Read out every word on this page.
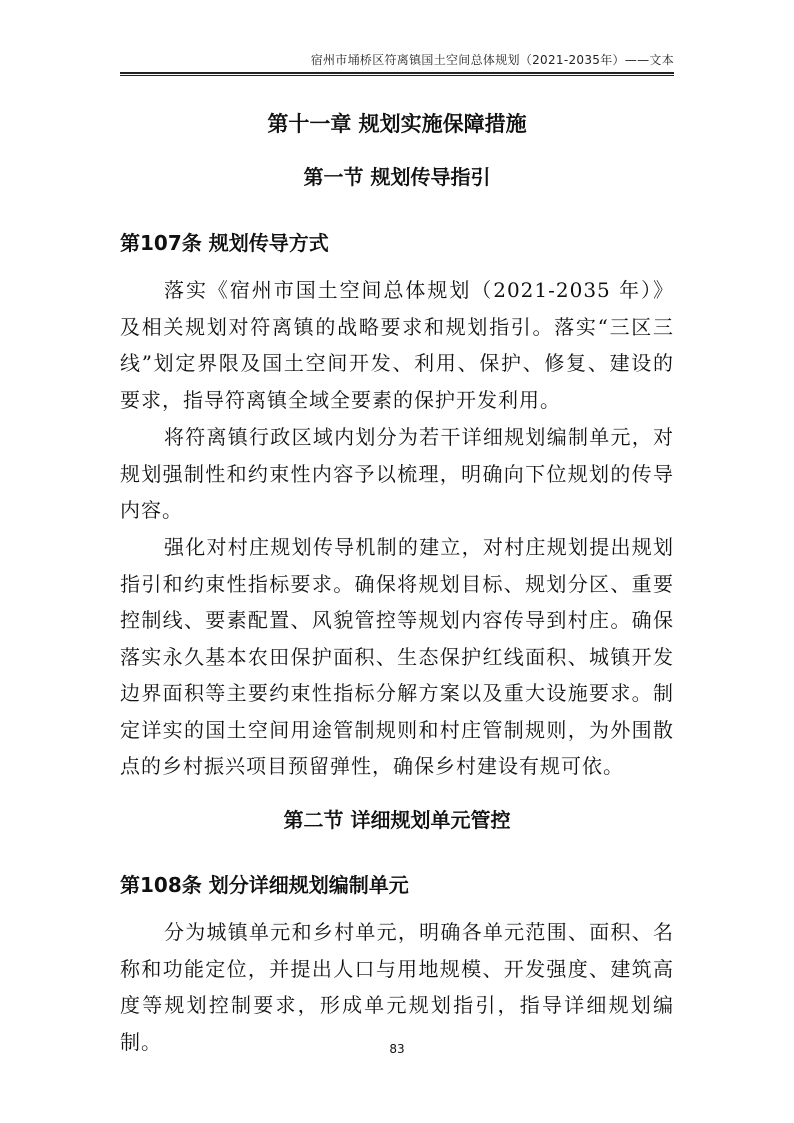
宿州市埇桥区符离镇国土空间总体规划（2021-2035年）——文本
第十一章 规划实施保障措施
第一节 规划传导指引
第107条 规划传导方式

落实《宿州市国土空间总体规划（2021-2035 年）》及相关规划对符离镇的战略要求和规划指引。落实“三区三线”划定界限及国土空间开发、利用、保护、修复、建设的要求，指导符离镇全域全要素的保护开发利用。

将符离镇行政区域内划分为若干详细规划编制单元，对规划强制性和约束性内容予以梳理，明确向下位规划的传导内容。

强化对村庄规划传导机制的建立，对村庄规划提出规划指引和约束性指标要求。确保将规划目标、规划分区、重要控制线、要素配置、风貌管控等规划内容传导到村庄。确保落实永久基本农田保护面积、生态保护红线面积、城镇开发边界面积等主要约束性指标分解方案以及重大设施要求。制定详实的国土空间用途管制规则和村庄管制规则，为外围散点的乡村振兴项目预留弹性，确保乡村建设有规可依。

第二节 详细规划单元管控
第108条 划分详细规划编制单元

分为城镇单元和乡村单元，明确各单元范围、面积、名称和功能定位，并提出人口与用地规模、开发强度、建筑高度等规划控制要求，形成单元规划指引，指导详细规划编制。	83
